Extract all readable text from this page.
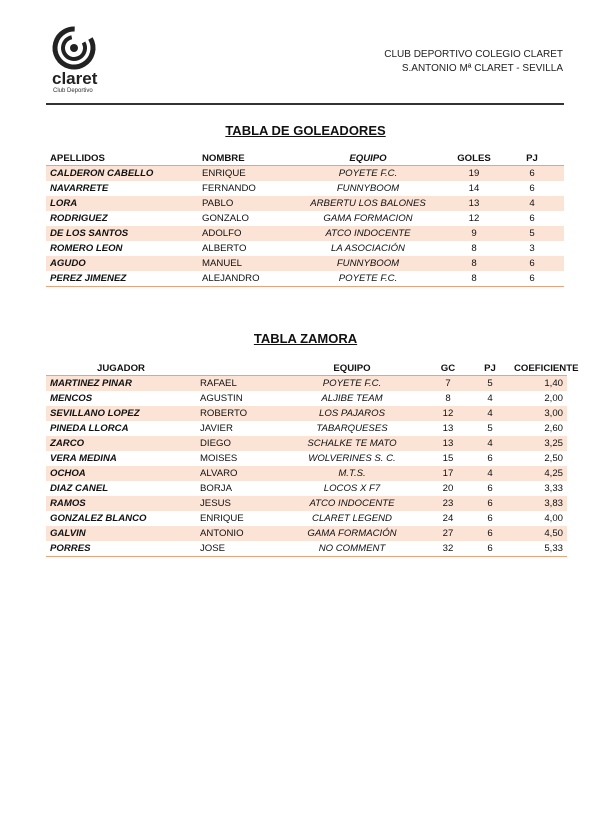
claret
Club Deportivo
CLUB DEPORTIVO COLEGIO CLARET
S.ANTONIO Mª CLARET - SEVILLA
TABLA DE GOLEADORES
APELLIDOS	NOMBRE	EQUIPO	GOLES	PJ
CALDERON CABELLO	ENRIQUE	POYETE F.C.	19	6
NAVARRETE	FERNANDO	FUNNYBOOM	14	6
LORA	PABLO	ARBERTU LOS BALONES	13	4
RODRIGUEZ	GONZALO	GAMA FORMACION	12	6
DE LOS SANTOS	ADOLFO	ATCO INDOCENTE	9	5
ROMERO LEON	ALBERTO	LA ASOCIACIÓN	8	3
AGUDO	MANUEL	FUNNYBOOM	8	6
PEREZ JIMENEZ	ALEJANDRO	POYETE F.C.	8	6
TABLA ZAMORA
JUGADOR		EQUIPO	GC	PJ	COEFICIENTE
MARTINEZ PINAR	RAFAEL	POYETE F.C.	7	5	1,40
MENCOS	AGUSTIN	ALJIBE TEAM	8	4	2,00
SEVILLANO LOPEZ	ROBERTO	LOS PAJAROS	12	4	3,00
PINEDA LLORCA	JAVIER	TABARQUESES	13	5	2,60
ZARCO	DIEGO	SCHALKE TE MATO	13	4	3,25
VERA MEDINA	MOISES	WOLVERINES S. C.	15	6	2,50
OCHOA	ALVARO	M.T.S.	17	4	4,25
DIAZ CANEL	BORJA	LOCOS X F7	20	6	3,33
RAMOS	JESUS	ATCO INDOCENTE	23	6	3,83
GONZALEZ BLANCO	ENRIQUE	CLARET LEGEND	24	6	4,00
GALVIN	ANTONIO	GAMA FORMACIÓN	27	6	4,50
PORRES	JOSE	NO COMMENT	32	6	5,33
